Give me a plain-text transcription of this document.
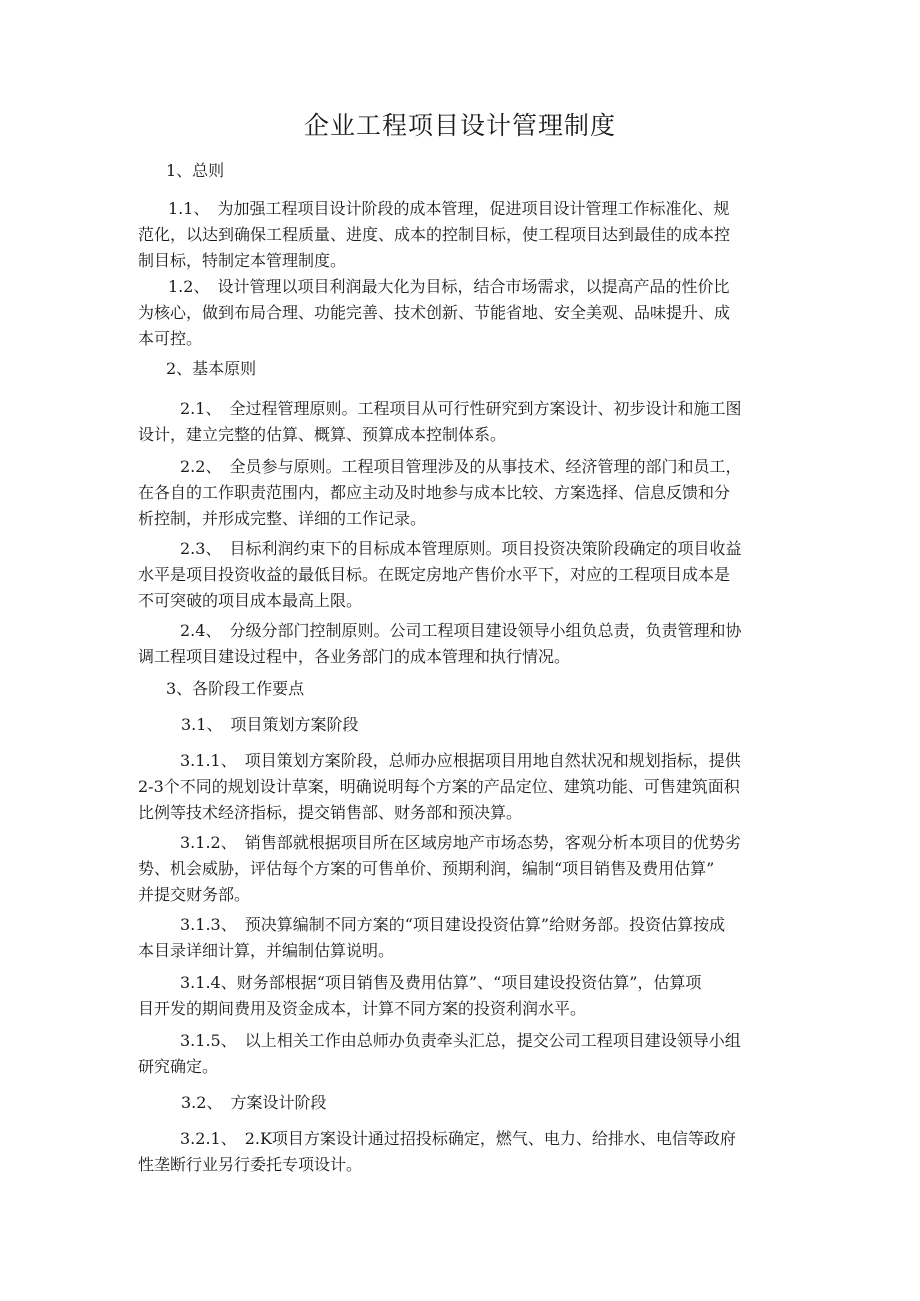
企业工程项目设计管理制度
1、总则
1.1、　为加强工程项目设计阶段的成本管理，促进项目设计管理工作标准化、规
范化，以达到确保工程质量、进度、成本的控制目标，使工程项目达到最佳的成本控
制目标，特制定本管理制度。
1.2、　设计管理以项目利润最大化为目标，结合市场需求，以提高产品的性价比
为核心，做到布局合理、功能完善、技术创新、节能省地、安全美观、品味提升、成
本可控。
2、基本原则
2.1、　全过程管理原则。工程项目从可行性研究到方案设计、初步设计和施工图
设计，建立完整的估算、概算、预算成本控制体系。
2.2、　全员参与原则。工程项目管理涉及的从事技术、经济管理的部门和员工，
在各自的工作职责范围内，都应主动及时地参与成本比较、方案选择、信息反馈和分
析控制，并形成完整、详细的工作记录。
2.3、　目标利润约束下的目标成本管理原则。项目投资决策阶段确定的项目收益
水平是项目投资收益的最低目标。在既定房地产售价水平下，对应的工程项目成本是
不可突破的项目成本最高上限。
2.4、　分级分部门控制原则。公司工程项目建设领导小组负总责，负责管理和协
调工程项目建设过程中，各业务部门的成本管理和执行情况。
3、各阶段工作要点
3.1、　项目策划方案阶段
3.1.1、　项目策划方案阶段，总师办应根据项目用地自然状况和规划指标，提供
2-3个不同的规划设计草案，明确说明每个方案的产品定位、建筑功能、可售建筑面积
比例等技术经济指标，提交销售部、财务部和预决算。
3.1.2、　销售部就根据项目所在区域房地产市场态势，客观分析本项目的优势劣
势、机会威胁，评估每个方案的可售单价、预期利润，编制“项目销售及费用估算”
并提交财务部。
3.1.3、　预决算编制不同方案的“项目建设投资估算”给财务部。投资估算按成
本目录详细计算，并编制估算说明。
3.1.4、财务部根据“项目销售及费用估算”、“项目建设投资估算”，估算项
目开发的期间费用及资金成本，计算不同方案的投资利润水平。
3.1.5、　以上相关工作由总师办负责牵头汇总，提交公司工程项目建设领导小组
研究确定。
3.2、　方案设计阶段
3.2.1、　2.K项目方案设计通过招投标确定，燃气、电力、给排水、电信等政府
性垄断行业另行委托专项设计。
